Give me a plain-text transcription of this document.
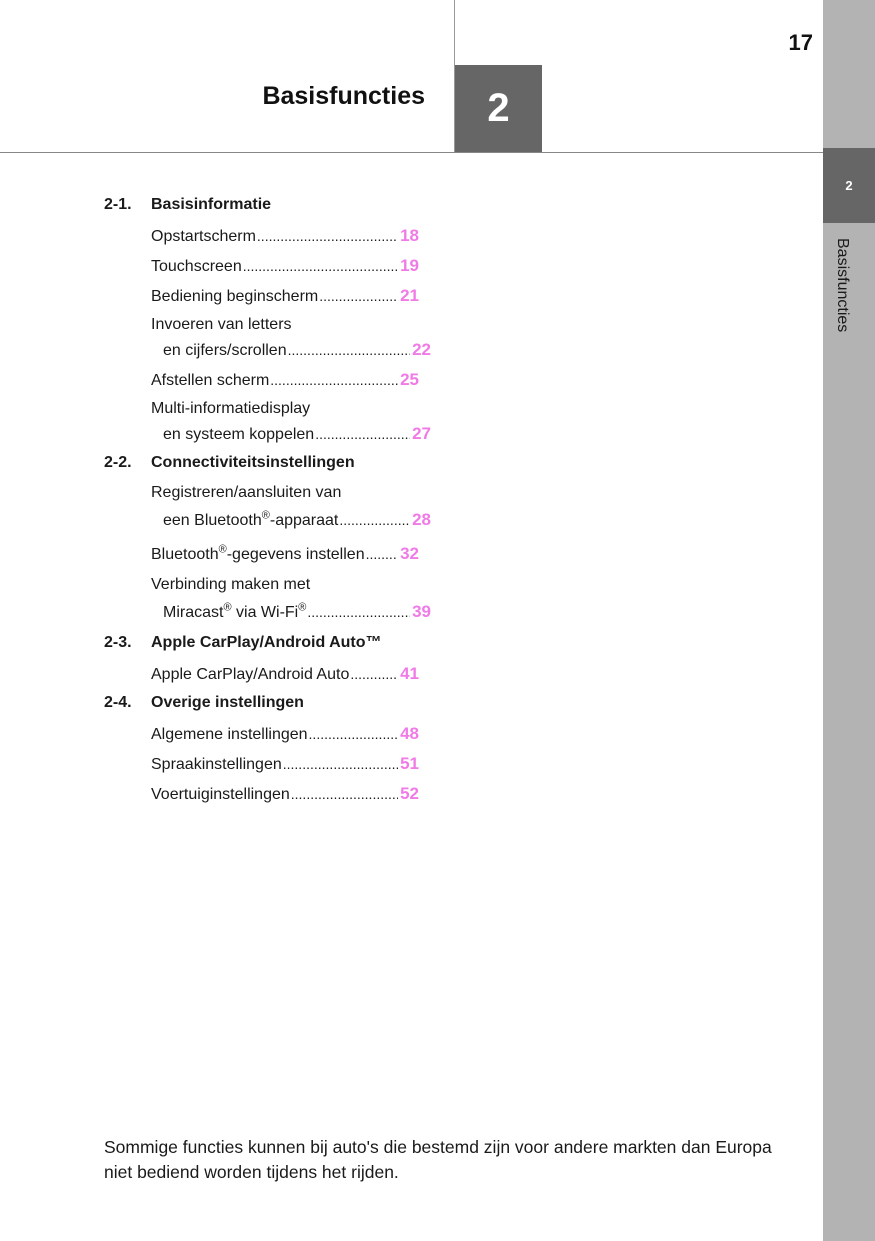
2
Basisfuncties
17
Basisfuncties	2
2-1. Basisinformatie
Opstartscherm .....	18
Touchscreen .....	19
Bediening beginscherm .....	21
Invoeren van letters
en cijfers/scrollen .....	22
Afstellen scherm .....	25
Multi-informatiedisplay
en systeem koppelen .....	27
2-2. Connectiviteitsinstellingen
Registreren/aansluiten van
een Bluetooth®-apparaat .....	28
Bluetooth®-gegevens instellen ..... 32
Verbinding maken met
Miracast® via Wi-Fi® .....	39
2-3. Apple CarPlay/Android Auto™
Apple CarPlay/Android Auto .....	41
2-4. Overige instellingen
Algemene instellingen .....	48
Spraakinstellingen .....	51
Voertuiginstellingen .....	52
Sommige functies kunnen bij auto's die bestemd zijn voor andere markten dan Europa niet bediend worden tijdens het rijden.
